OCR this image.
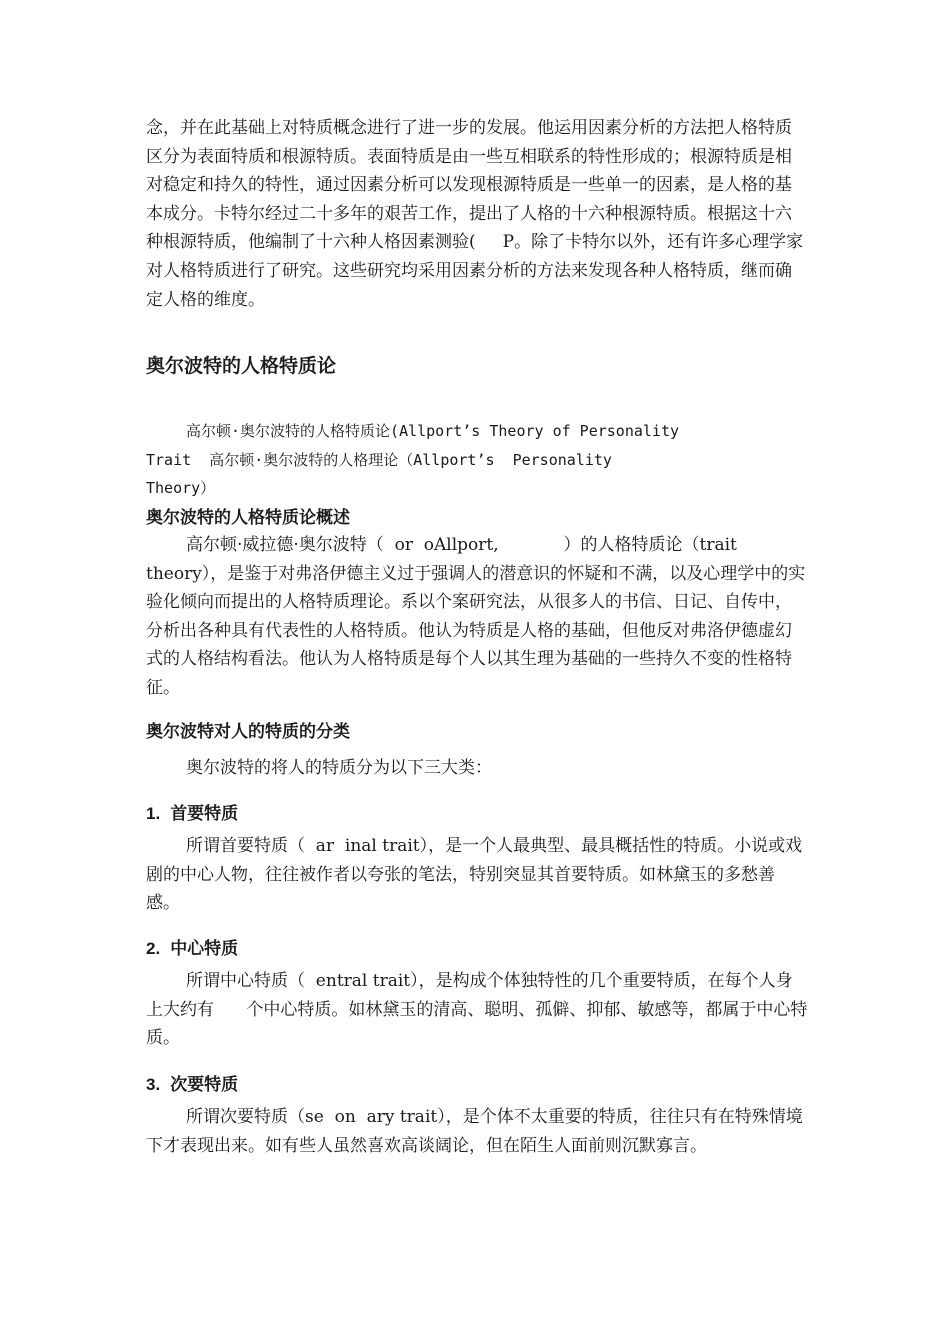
念，并在此基础上对特质概念进行了进一步的发展。他运用因素分析的方法把人格特质区分为表面特质和根源特质。表面特质是由一些互相联系的特性形成的；根源特质是相对稳定和持久的特性，通过因素分析可以发现根源特质是一些单一的因素，是人格的基本成分。卡特尔经过二十多年的艰苦工作，提出了人格的十六种根源特质。根据这十六种根源特质，他编制了十六种人格因素测验(     P。除了卡特尔以外，还有许多心理学家对人格特质进行了研究。这些研究均采用因素分析的方法来发现各种人格特质，继而确定人格的维度。

奥尔波特的人格特质论

高尔顿·奥尔波特的人格特质论(Allport’s Theory of Personality

Trait  高尔顿·奥尔波特的人格理论（Allport’s  Personality

Theory）

奥尔波特的人格特质论概述

高尔顿·威拉德·奥尔波特（  or  oAllport,            ）的人格特质论（trait theory），是鉴于对弗洛伊德主义过于强调人的潜意识的怀疑和不满，以及心理学中的实验化倾向而提出的人格特质理论。系以个案研究法，从很多人的书信、日记、自传中，分析出各种具有代表性的人格特质。他认为特质是人格的基础，但他反对弗洛伊德虚幻式的人格结构看法。他认为人格特质是每个人以其生理为基础的一些持久不变的性格特征。

奥尔波特对人的特质的分类

奥尔波特的将人的特质分为以下三大类：

1. 首要特质

所谓首要特质（  ar  inal trait），是一个人最典型、最具概括性的特质。小说或戏剧的中心人物，往往被作者以夸张的笔法，特别突显其首要特质。如林黛玉的多愁善感。

2. 中心特质

所谓中心特质（  entral trait），是构成个体独特性的几个重要特质，在每个人身上大约有      个中心特质。如林黛玉的清高、聪明、孤僻、抑郁、敏感等，都属于中心特质。

3. 次要特质

所谓次要特质（se  on  ary trait），是个体不太重要的特质，往往只有在特殊情境下才表现出来。如有些人虽然喜欢高谈阔论，但在陌生人面前则沉默寡言。
